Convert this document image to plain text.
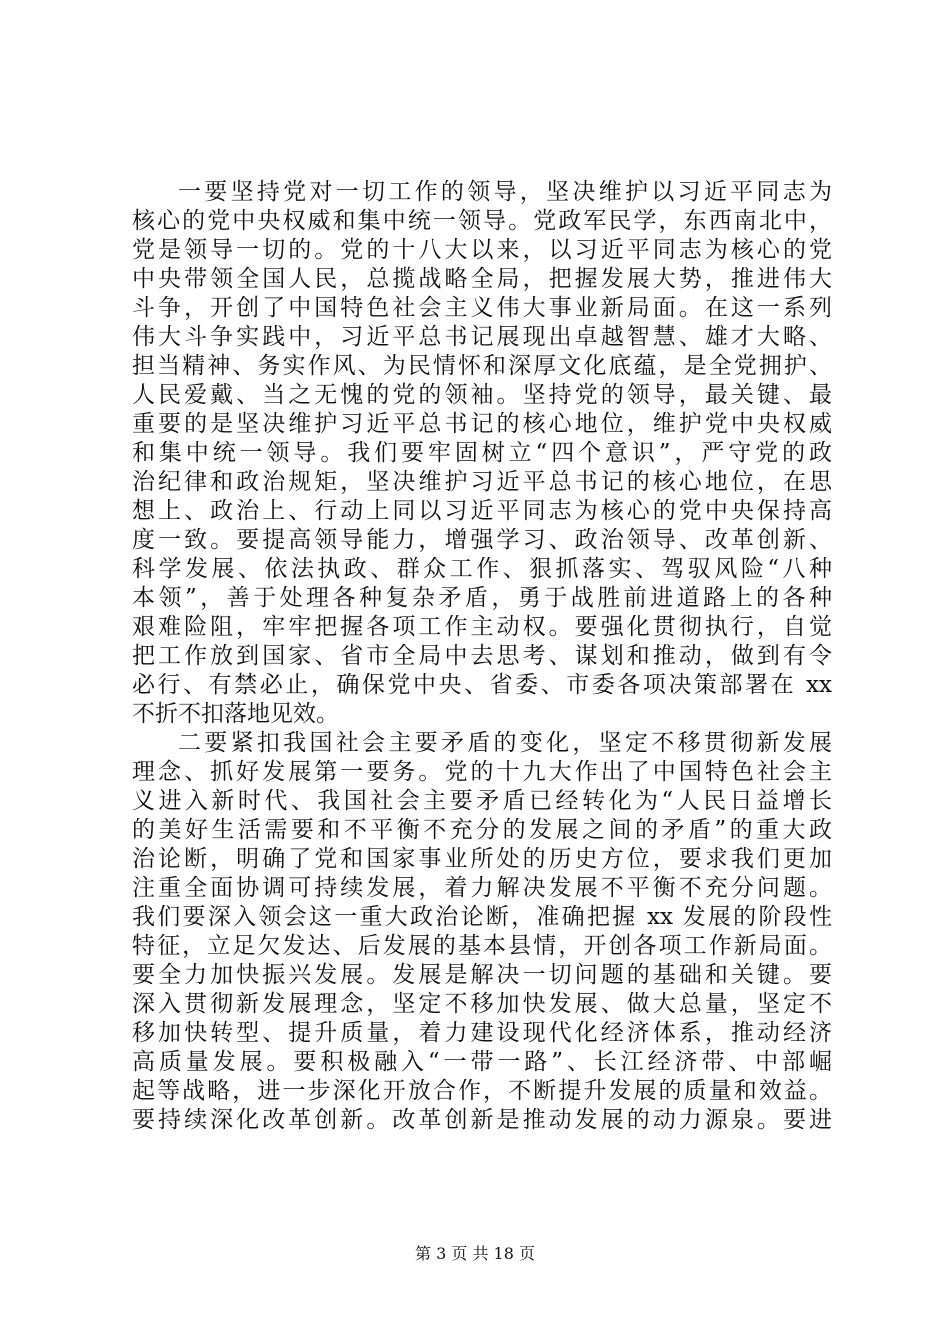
一要坚持党对一切工作的领导，坚决维护以习近平同志为
核心的党中央权威和集中统一领导。党政军民学，东西南北中，
党是领导一切的。党的十八大以来，以习近平同志为核心的党
中央带领全国人民，总揽战略全局，把握发展大势，推进伟大
斗争，开创了中国特色社会主义伟大事业新局面。在这一系列
伟大斗争实践中，习近平总书记展现出卓越智慧、雄才大略、
担当精神、务实作风、为民情怀和深厚文化底蕴，是全党拥护、
人民爱戴、当之无愧的党的领袖。坚持党的领导，最关键、最
重要的是坚决维护习近平总书记的核心地位，维护党中央权威
和集中统一领导。我们要牢固树立“四个意识”，严守党的政
治纪律和政治规矩，坚决维护习近平总书记的核心地位，在思
想上、政治上、行动上同以习近平同志为核心的党中央保持高
度一致。要提高领导能力，增强学习、政治领导、改革创新、
科学发展、依法执政、群众工作、狠抓落实、驾驭风险“八种
本领”，善于处理各种复杂矛盾，勇于战胜前进道路上的各种
艰难险阻，牢牢把握各项工作主动权。要强化贯彻执行，自觉
把工作放到国家、省市全局中去思考、谋划和推动，做到有令
必行、有禁必止，确保党中央、省委、市委各项决策部署在 xx
不折不扣落地见效。
二要紧扣我国社会主要矛盾的变化，坚定不移贯彻新发展
理念、抓好发展第一要务。党的十九大作出了中国特色社会主
义进入新时代、我国社会主要矛盾已经转化为“人民日益增长
的美好生活需要和不平衡不充分的发展之间的矛盾”的重大政
治论断，明确了党和国家事业所处的历史方位，要求我们更加
注重全面协调可持续发展，着力解决发展不平衡不充分问题。
我们要深入领会这一重大政治论断，准确把握 xx 发展的阶段性
特征，立足欠发达、后发展的基本县情，开创各项工作新局面。
要全力加快振兴发展。发展是解决一切问题的基础和关键。要
深入贯彻新发展理念，坚定不移加快发展、做大总量，坚定不
移加快转型、提升质量，着力建设现代化经济体系，推动经济
高质量发展。要积极融入“一带一路”、长江经济带、中部崛
起等战略，进一步深化开放合作，不断提升发展的质量和效益。
要持续深化改革创新。改革创新是推动发展的动力源泉。要进
第 3 页 共 18 页
